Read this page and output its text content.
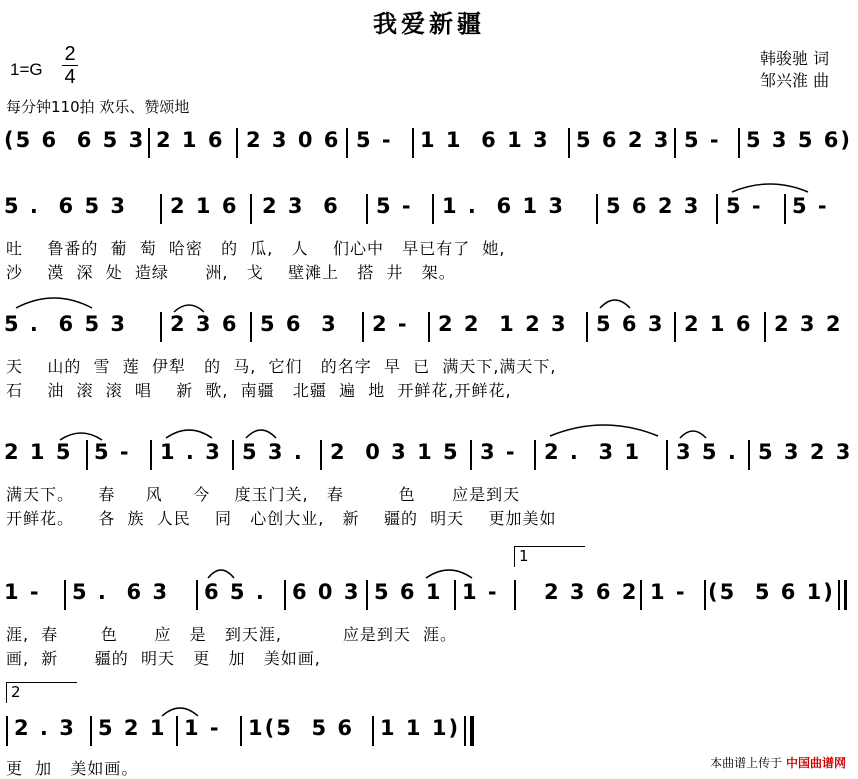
我爱新疆
1=G
2
4
韩骏驰 词
邹兴淮 曲
每分钟110拍 欢乐、赞颂地
(5 6  6 5 3 2 1 6 2 3 0 6 5 - 1 1  6 1 3 5 6 2 3 5 - 5 3 5 6)
5 .  6 5 3 2 1 6 2 3  6 5 - 1 .  6 1 3 5 6 2 3 5 - 5 -
吐    鲁番的  葡  萄  哈密   的  瓜,   人    们心中   早已有了  她,
沙    漠  深  处  造绿      洲,   戈    壁滩上   搭  井   架。
5 .  6 5 3 2 3 6 5 6  3 2 - 2 2  1 2 3 5 6 3 2 1 6 2 3 2
天    山的  雪  莲  伊犁   的  马,  它们   的名字  早  已  满天下,满天下,
石    油  滚  滚  唱    新  歌,  南疆   北疆  遍  地  开鲜花,开鲜花,
2 1 5 5 - 1 . 3 5 3 . 2  0 3 1 5 3 - 2 .  3 1 3 5 . 5 3 2 3
满天下。    春     风     今    度玉门关,   春         色      应是到天
开鲜花。    各  族  人民    同   心创大业,   新    疆的  明天    更加美如
1
1 - 5 .  6 3 6 5 . 6 0 3 5 6 1 1 - 2 3 6 2 1 - (5  5 6 1)
涯,  春       色      应   是   到天涯,          应是到天  涯。
画,  新      疆的  明天   更   加   美如画,
2
2 . 3 5 2 1 1 - 1(5  5 6 1 1 1)
更  加   美如画。	本曲谱上传于 中国曲谱网
